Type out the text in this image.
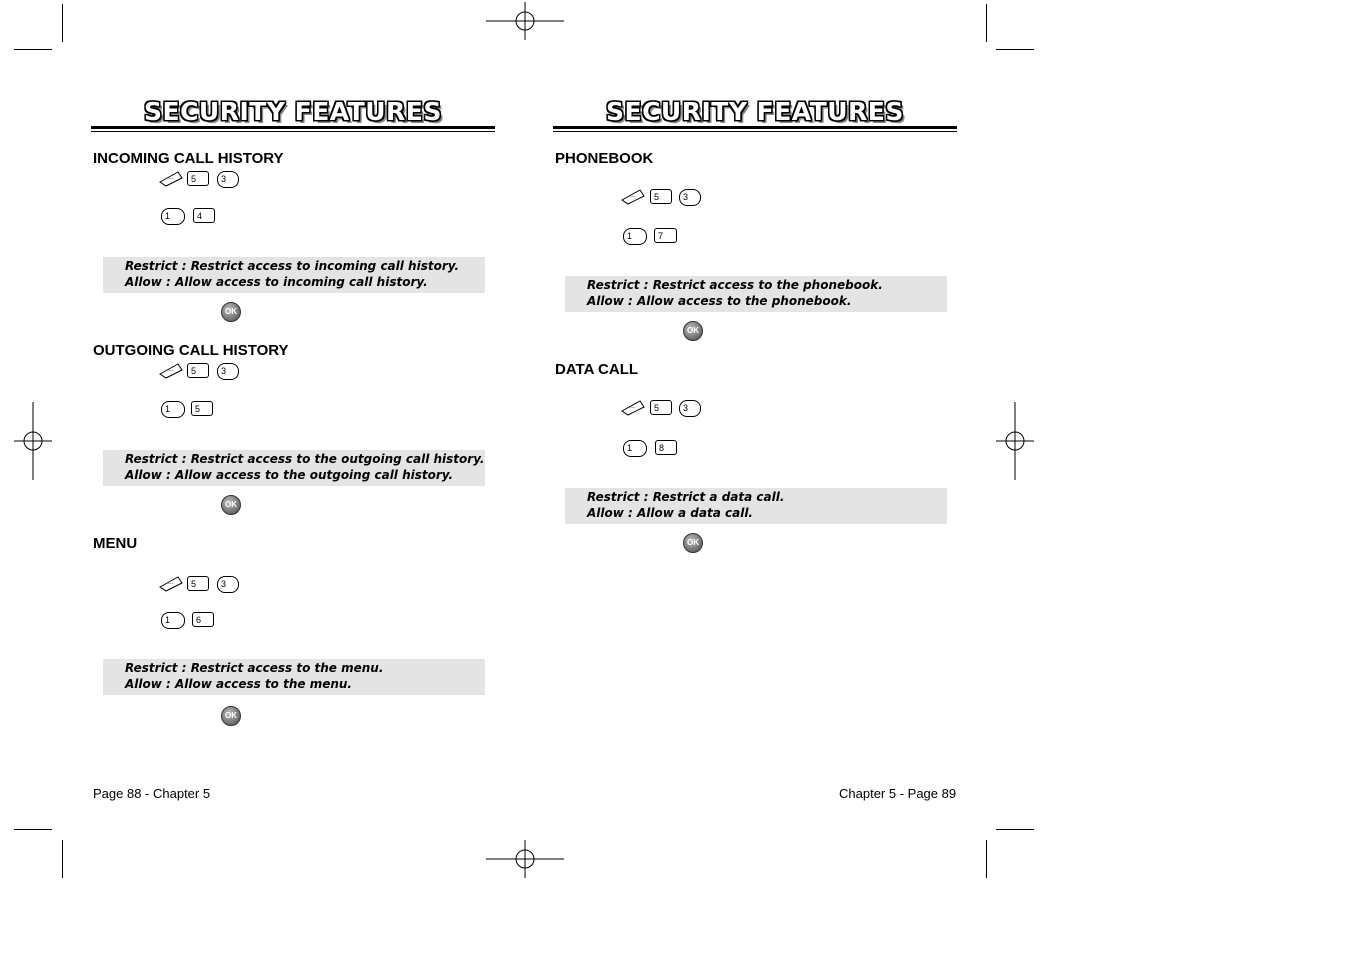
SECURITY FEATURES
INCOMING CALL HISTORY
···	5	3
1	4
Restrict : Restrict access to incoming call history.
Allow : Allow access to incoming call history.
OK
OUTGOING CALL HISTORY
···	5	3
1	5
Restrict : Restrict access to the outgoing call history.
Allow : Allow access to the outgoing call history.
OK
MENU
···	5	3
1	6
Restrict : Restrict access to the menu.
Allow : Allow access to the menu.
OK
Page 88 - Chapter 5
SECURITY FEATURES
PHONEBOOK
···	5	3
1	7
Restrict : Restrict access to the phonebook.
Allow : Allow access to the phonebook.
OK
DATA CALL
···	5	3
1	8
Restrict : Restrict a data call.
Allow : Allow a data call.
OK
Chapter 5 - Page 89
